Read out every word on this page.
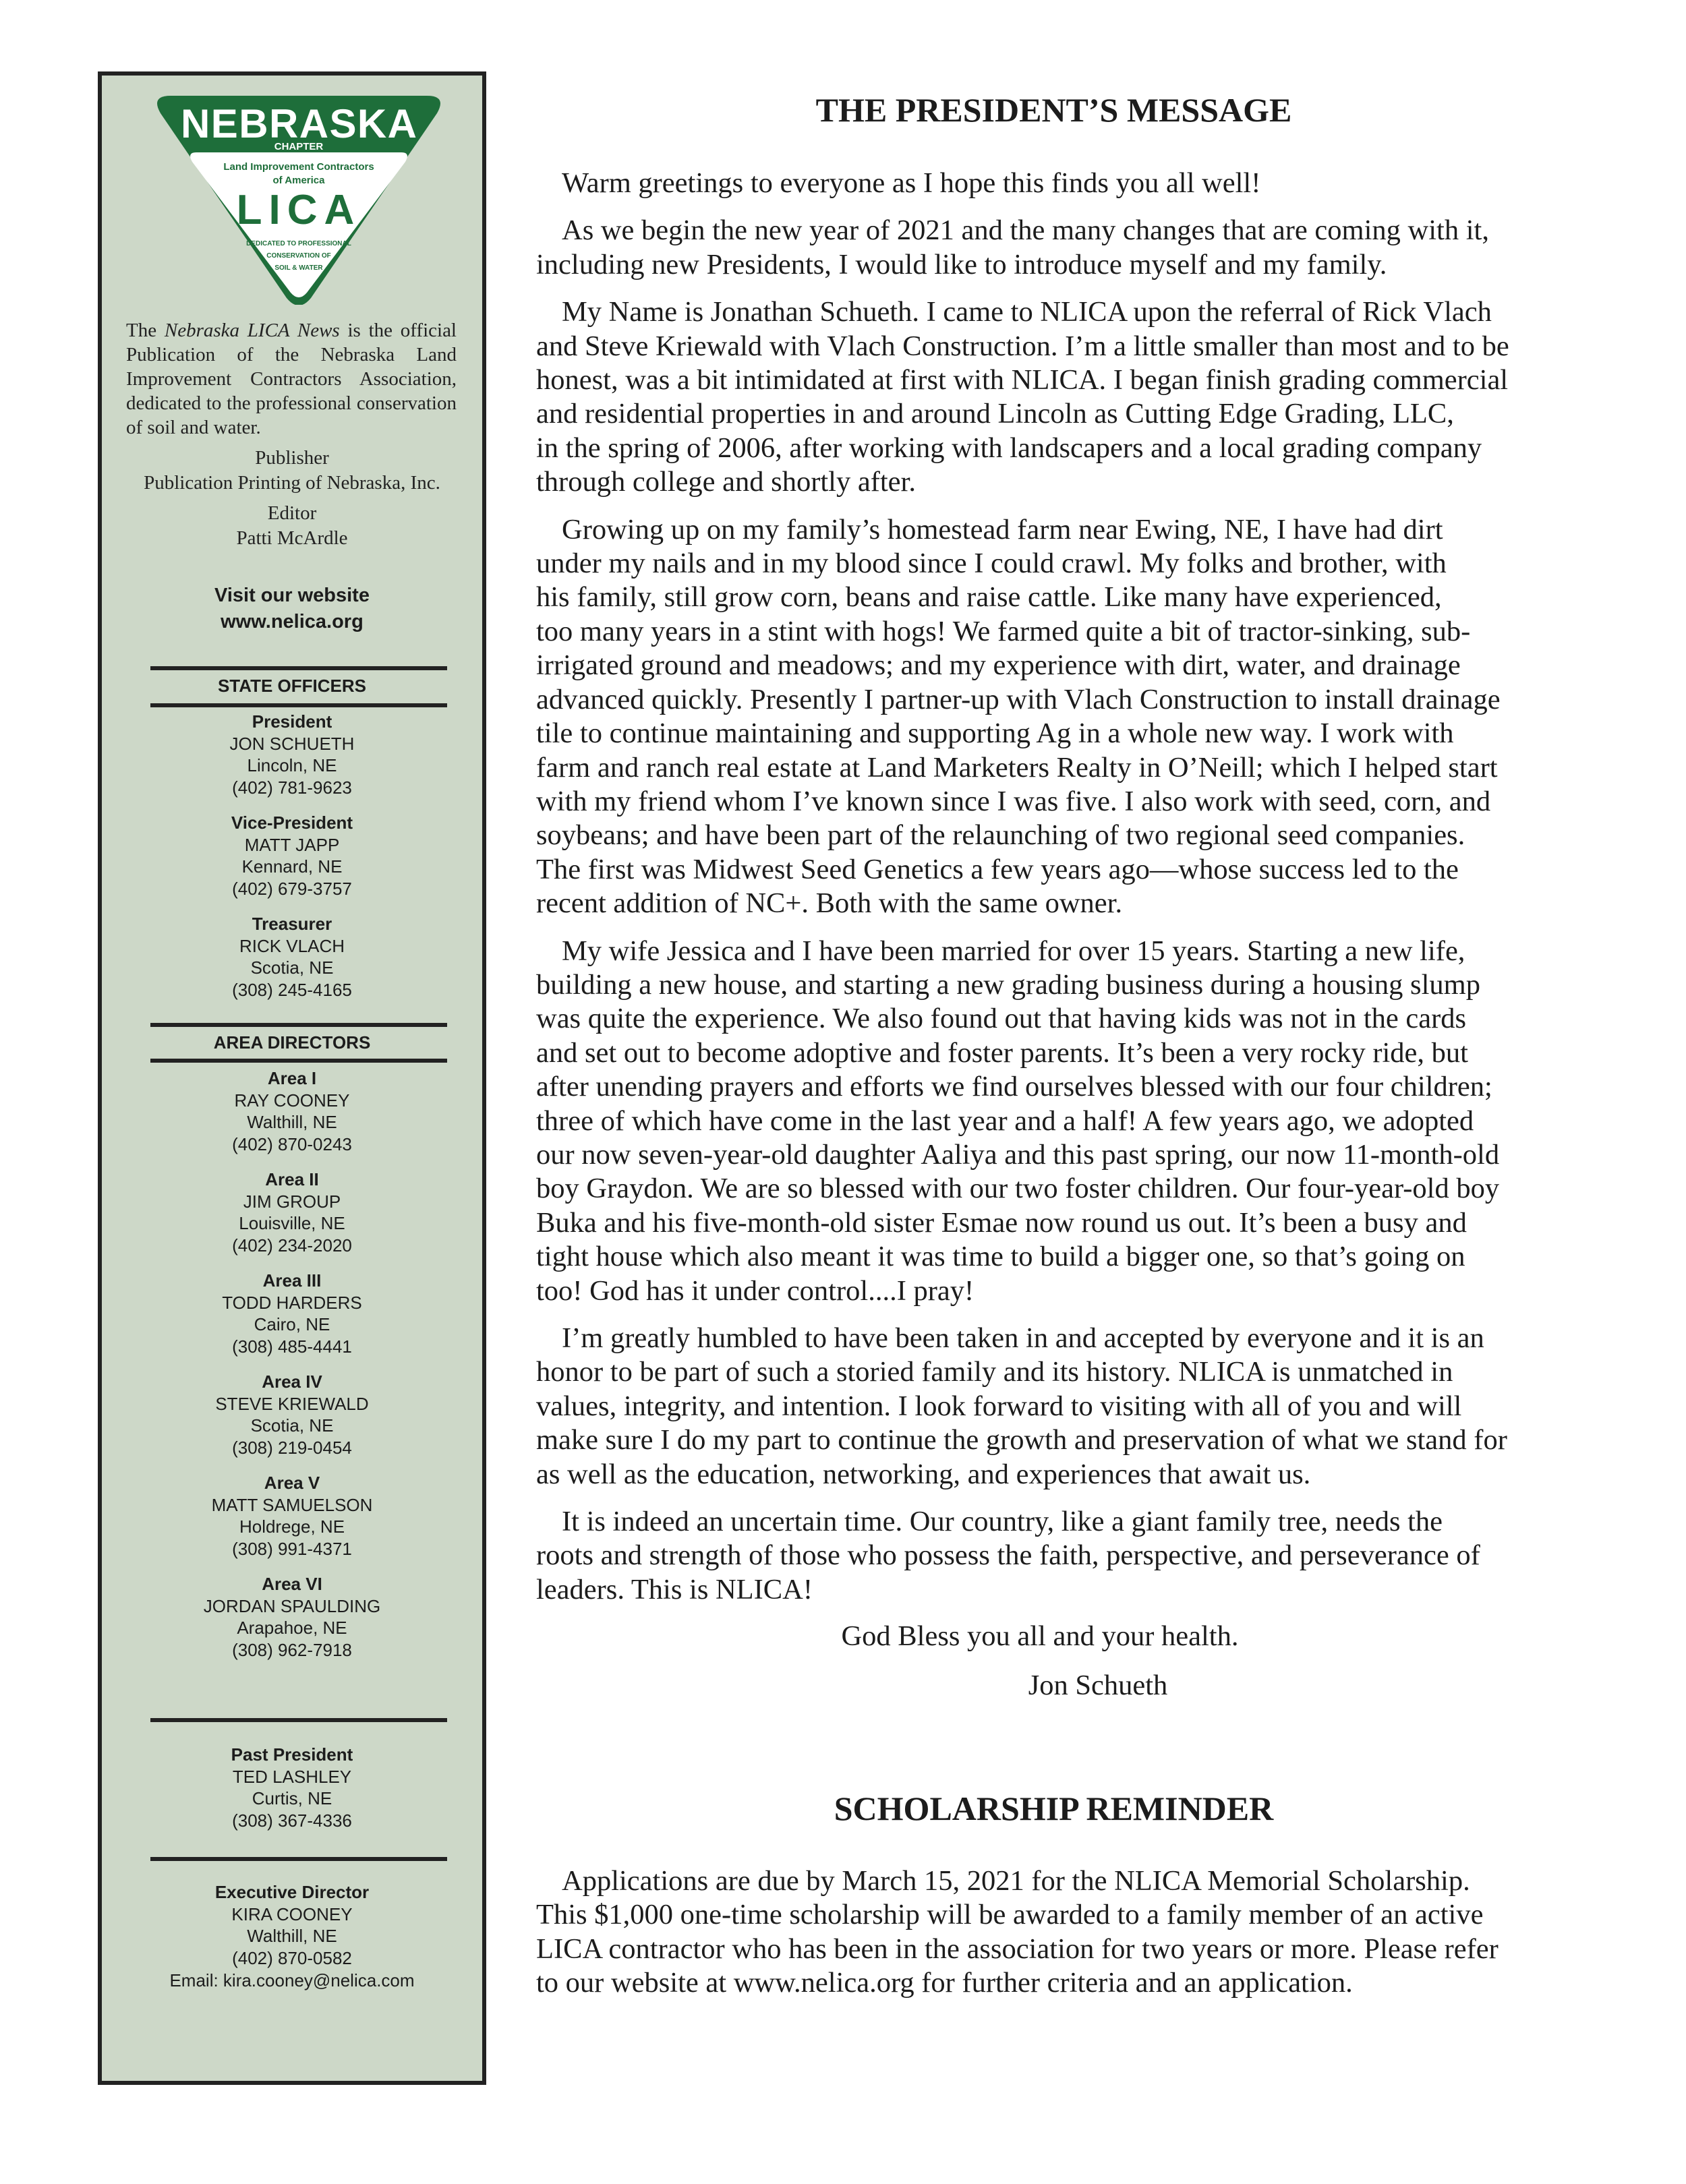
NEBRASKA
CHAPTER
Land Improvement Contractors
of America
LICA
DEDICATED TO PROFESSIONAL
CONSERVATION OF
SOIL & WATER
The Nebraska LICA News is the official Publication of the Nebraska Land Improvement Contractors Association, dedicated to the professional conservation of soil and water.
Publisher
Publication Printing of Nebraska, Inc.
Editor
Patti McArdle
Visit our website
www.nelica.org
STATE OFFICERS
President
JON SCHUETH
Lincoln, NE
(402) 781-9623
Vice-President
MATT JAPP
Kennard, NE
(402) 679-3757
Treasurer
RICK VLACH
Scotia, NE
(308) 245-4165
AREA DIRECTORS
Area I
RAY COONEY
Walthill, NE
(402) 870-0243
Area II
JIM GROUP
Louisville, NE
(402) 234-2020
Area III
TODD HARDERS
Cairo, NE
(308) 485-4441
Area IV
STEVE KRIEWALD
Scotia, NE
(308) 219-0454
Area V
MATT SAMUELSON
Holdrege, NE
(308) 991-4371
Area VI
JORDAN SPAULDING
Arapahoe, NE
(308) 962-7918
Past President
TED LASHLEY
Curtis, NE
(308) 367-4336
Executive Director
KIRA COONEY
Walthill, NE
(402) 870-0582
Email: kira.cooney@nelica.com
THE PRESIDENT’S MESSAGE

Warm greetings to everyone as I hope this finds you all well!

As we begin the new year of 2021 and the many changes that are coming with it,
including new Presidents, I would like to introduce myself and my family.

My Name is Jonathan Schueth. I came to NLICA upon the referral of Rick Vlach
and Steve Kriewald with Vlach Construction. I’m a little smaller than most and to be
honest, was a bit intimidated at first with NLICA. I began finish grading commercial
and residential properties in and around Lincoln as Cutting Edge Grading, LLC,
in the spring of 2006, after working with landscapers and a local grading company
through college and shortly after.

Growing up on my family’s homestead farm near Ewing, NE, I have had dirt
under my nails and in my blood since I could crawl. My folks and brother, with
his family, still grow corn, beans and raise cattle. Like many have experienced,
too many years in a stint with hogs! We farmed quite a bit of tractor-sinking, sub-
irrigated ground and meadows; and my experience with dirt, water, and drainage
advanced quickly. Presently I partner-up with Vlach Construction to install drainage
tile to continue maintaining and supporting Ag in a whole new way. I work with
farm and ranch real estate at Land Marketers Realty in O’Neill; which I helped start
with my friend whom I’ve known since I was five. I also work with seed, corn, and
soybeans; and have been part of the relaunching of two regional seed companies.
The first was Midwest Seed Genetics a few years ago—whose success led to the
recent addition of NC+. Both with the same owner.

My wife Jessica and I have been married for over 15 years. Starting a new life,
building a new house, and starting a new grading business during a housing slump
was quite the experience. We also found out that having kids was not in the cards
and set out to become adoptive and foster parents. It’s been a very rocky ride, but
after unending prayers and efforts we find ourselves blessed with our four children;
three of which have come in the last year and a half! A few years ago, we adopted
our now seven-year-old daughter Aaliya and this past spring, our now 11-month-old
boy Graydon. We are so blessed with our two foster children. Our four-year-old boy
Buka and his five-month-old sister Esmae now round us out. It’s been a busy and
tight house which also meant it was time to build a bigger one, so that’s going on
too! God has it under control....I pray!

I’m greatly humbled to have been taken in and accepted by everyone and it is an
honor to be part of such a storied family and its history. NLICA is unmatched in
values, integrity, and intention. I look forward to visiting with all of you and will
make sure I do my part to continue the growth and preservation of what we stand for
as well as the education, networking, and experiences that await us.

It is indeed an uncertain time. Our country, like a giant family tree, needs the
roots and strength of those who possess the faith, perspective, and perseverance of
leaders. This is NLICA!

God Bless you all and your health.
Jon Schueth
SCHOLARSHIP REMINDER

Applications are due by March 15, 2021 for the NLICA Memorial Scholarship.
This $1,000 one-time scholarship will be awarded to a family member of an active
LICA contractor who has been in the association for two years or more. Please refer
to our website at www.nelica.org for further criteria and an application.
